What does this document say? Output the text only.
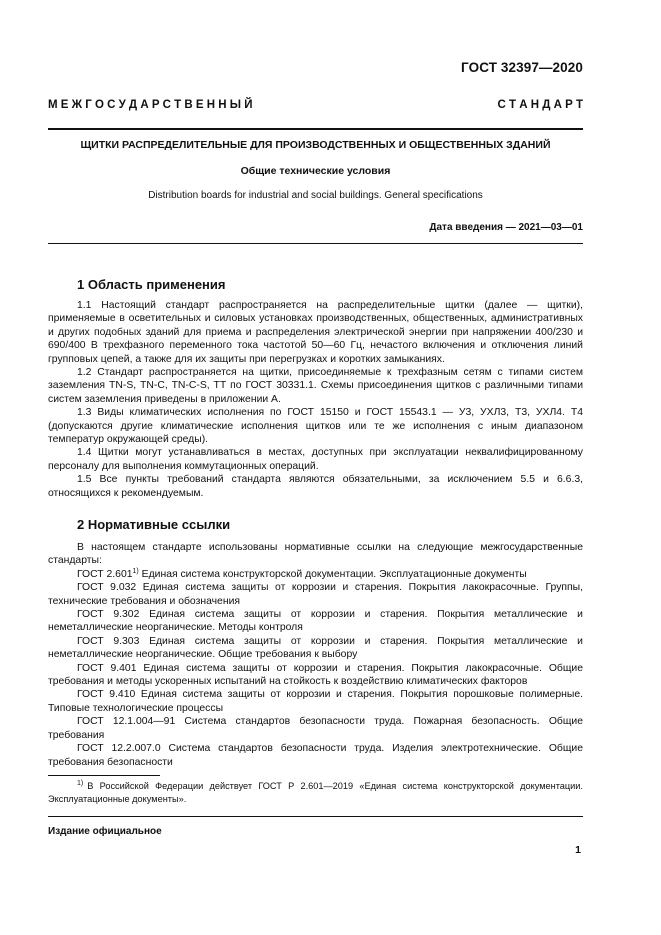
ГОСТ 32397—2020
М Е Ж Г О С У Д А Р С Т В Е Н Н Ы Й	С Т А Н Д А Р Т
ЩИТКИ РАСПРЕДЕЛИТЕЛЬНЫЕ ДЛЯ ПРОИЗВОДСТВЕННЫХ И ОБЩЕСТВЕННЫХ ЗДАНИЙ
Общие технические условия
Distribution boards for industrial and social buildings. General specifications
Дата введения — 2021—03—01
1 Область применения

1.1 Настоящий стандарт распространяется на распределительные щитки (далее — щитки), применяемые в осветительных и силовых установках производственных, общественных, административных и других подобных зданий для приема и распределения электрической энергии при напряжении 400/230 и 690/400 В трехфазного переменного тока частотой 50—60 Гц, нечастого включения и отключения линий групповых цепей, а также для их защиты при перегрузках и коротких замыканиях.

1.2 Стандарт распространяется на щитки, присоединяемые к трехфазным сетям с типами систем заземления TN-S, TN-C, TN-C-S, TT по ГОСТ 30331.1. Схемы присоединения щитков с различными типами систем заземления приведены в приложении А.

1.3 Виды климатических исполнения по ГОСТ 15150 и ГОСТ 15543.1 — У3, УХЛ3, Т3, УХЛ4. Т4 (допускаются другие климатические исполнения щитков или те же исполнения с иным диапазоном температур окружающей среды).

1.4 Щитки могут устанавливаться в местах, доступных при эксплуатации неквалифицированному персоналу для выполнения коммутационных операций.

1.5 Все пункты требований стандарта являются обязательными, за исключением 5.5 и 6.6.3, относящихся к рекомендуемым.

2 Нормативные ссылки

В настоящем стандарте использованы нормативные ссылки на следующие межгосударственные стандарты:

ГОСТ 2.601$^{1)}$ Единая система конструкторской документации. Эксплуатационные документы

ГОСТ 9.032 Единая система защиты от коррозии и старения. Покрытия лакокрасочные. Группы, технические требования и обозначения

ГОСТ 9.302 Единая система защиты от коррозии и старения. Покрытия металлические и неметаллические неорганические. Методы контроля

ГОСТ 9.303 Единая система защиты от коррозии и старения. Покрытия металлические и неметаллические неорганические. Общие требования к выбору

ГОСТ 9.401 Единая система защиты от коррозии и старения. Покрытия лакокрасочные. Общие требования и методы ускоренных испытаний на стойкость к воздействию климатических факторов

ГОСТ 9.410 Единая система защиты от коррозии и старения. Покрытия порошковые полимерные. Типовые технологические процессы

ГОСТ 12.1.004—91 Система стандартов безопасности труда. Пожарная безопасность. Общие требования

ГОСТ 12.2.007.0 Система стандартов безопасности труда. Изделия электротехнические. Общие требования безопасности

$^{1)}$ В Российской Федерации действует ГОСТ Р 2.601—2019 «Единая система конструкторской документации. Эксплуатационные документы».
Издание официальное
1
